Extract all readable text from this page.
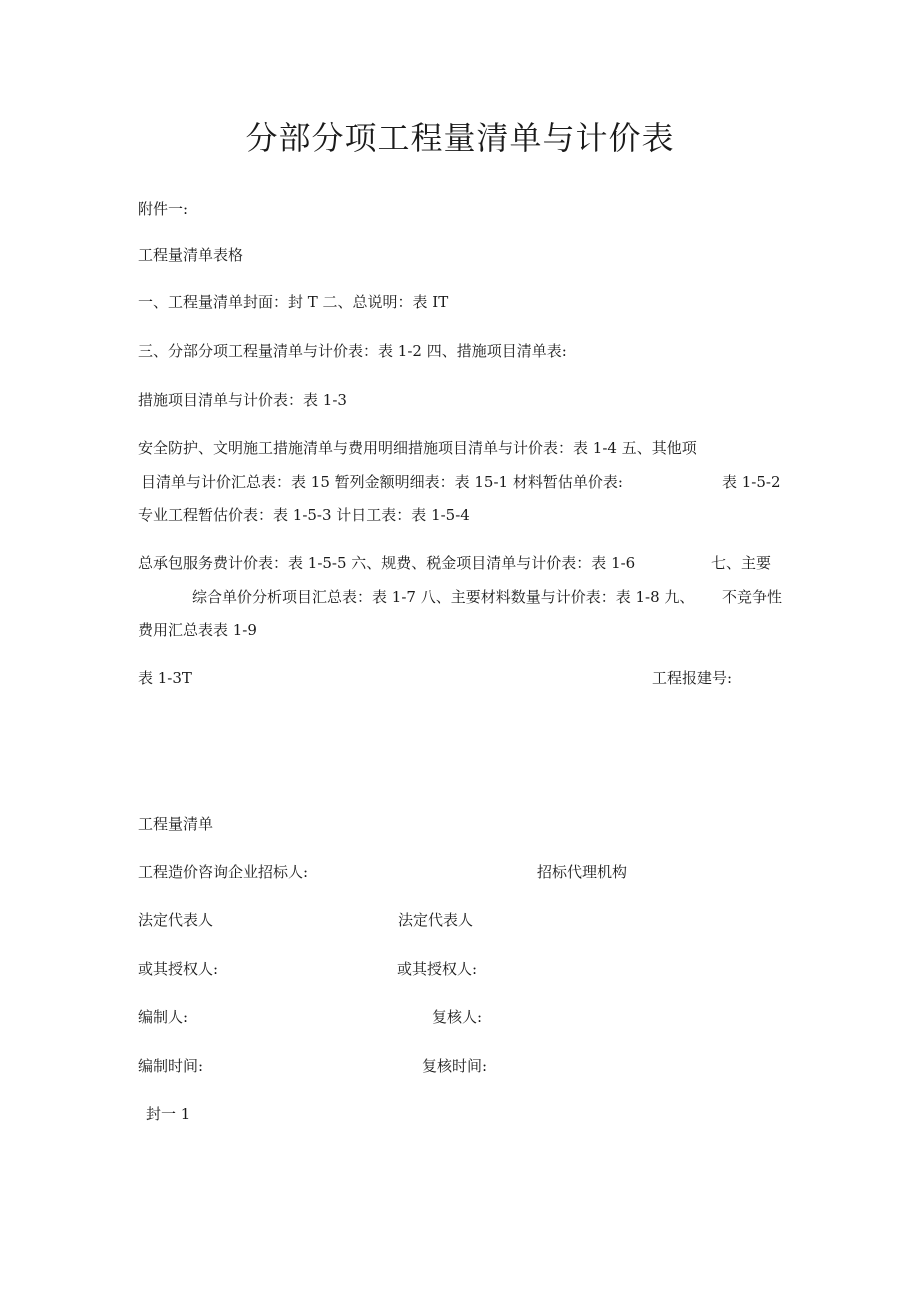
分部分项工程量清单与计价表
附件一:
工程量清单表格
一、工程量清单封面：封 T 二、总说明：表 IT
三、分部分项工程量清单与计价表：表 1-2 四、措施项目清单表:
措施项目清单与计价表：表 1-3
安全防护、文明施工措施清单与费用明细措施项目清单与计价表：表 1-4 五、其他项
目清单与计价汇总表：表 15 暂列金额明细表：表 15-1 材料暂估单价表:	表 1-5-2
专业工程暂估价表：表 1-5-3 计日工表：表 1-5-4
总承包服务费计价表：表 1-5-5 六、规费、税金项目清单与计价表：表 1-6	七、主要
综合单价分析项目汇总表：表 1-7 八、主要材料数量与计价表：表 1-8 九、 不竞争性
费用汇总表表 1-9
表 1-3T	工程报建号:
工程量清单
工程造价咨询企业招标人:	招标代理机构
法定代表人	法定代表人
或其授权人:	或其授权人:
编制人:	复核人:
编制时间:	复核时间:
封一 1
